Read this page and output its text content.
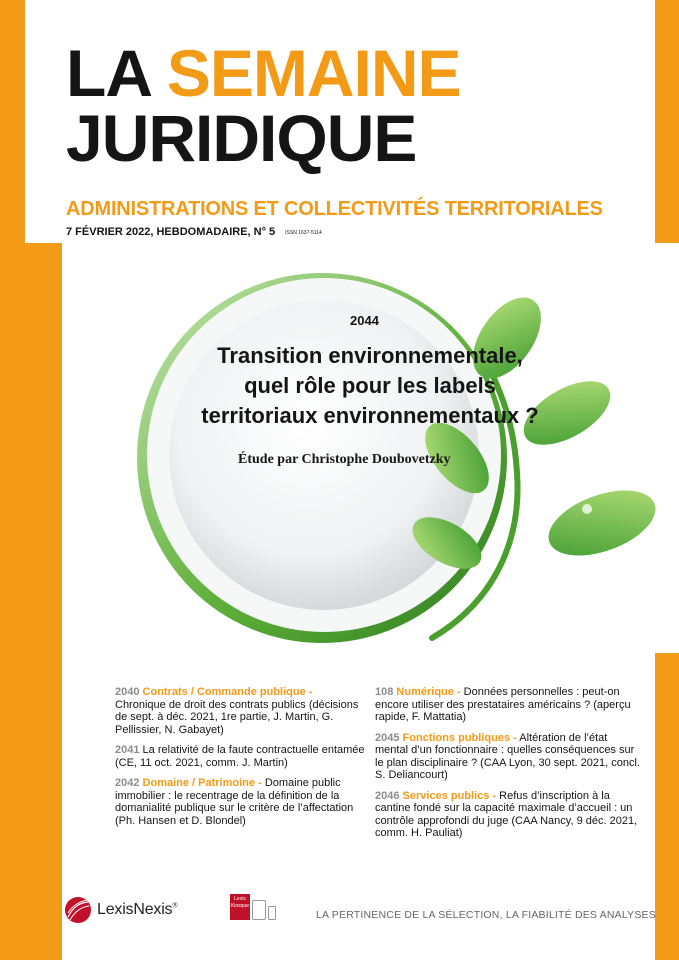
LA SEMAINE
JURIDIQUE
ADMINISTRATIONS ET COLLECTIVITÉS TERRITORIALES
7 FÉVRIER 2022, HEBDOMADAIRE, N° 5 ISSN 1637-5114
2044
Transition environnementale,
quel rôle pour les labels
territoriaux environnementaux ?
Étude par Christophe Doubovetzky
2040 Contrats / Commande publique - Chronique de droit des contrats publics (décisions de sept. à déc. 2021, 1re partie, J. Martin, G. Pellissier, N. Gabayet)
2041 La relativité de la faute contractuelle entamée (CE, 11 oct. 2021, comm. J. Martin)
2042 Domaine / Patrimoine - Domaine public immobilier : le recentrage de la définition de la domanialité publique sur le critère de l’affectation (Ph. Hansen et D. Blondel)
108 Numérique - Données personnelles : peut-on encore utiliser des prestataires américains ? (aperçu rapide, F. Mattatia)
2045 Fonctions publiques - Altération de l’état mental d’un fonctionnaire : quelles conséquences sur le plan disciplinaire ? (CAA Lyon, 30 sept. 2021, concl. S. Deliancourt)
2046 Services publics - Refus d’inscription à la cantine fondé sur la capacité maximale d’accueil : un contrôle approfondi du juge (CAA Nancy, 9 déc. 2021, comm. H. Pauliat)
LexisNexis®
Lexis
Kiosque
LA PERTINENCE DE LA SÉLECTION, LA FIABILITÉ DES ANALYSES
